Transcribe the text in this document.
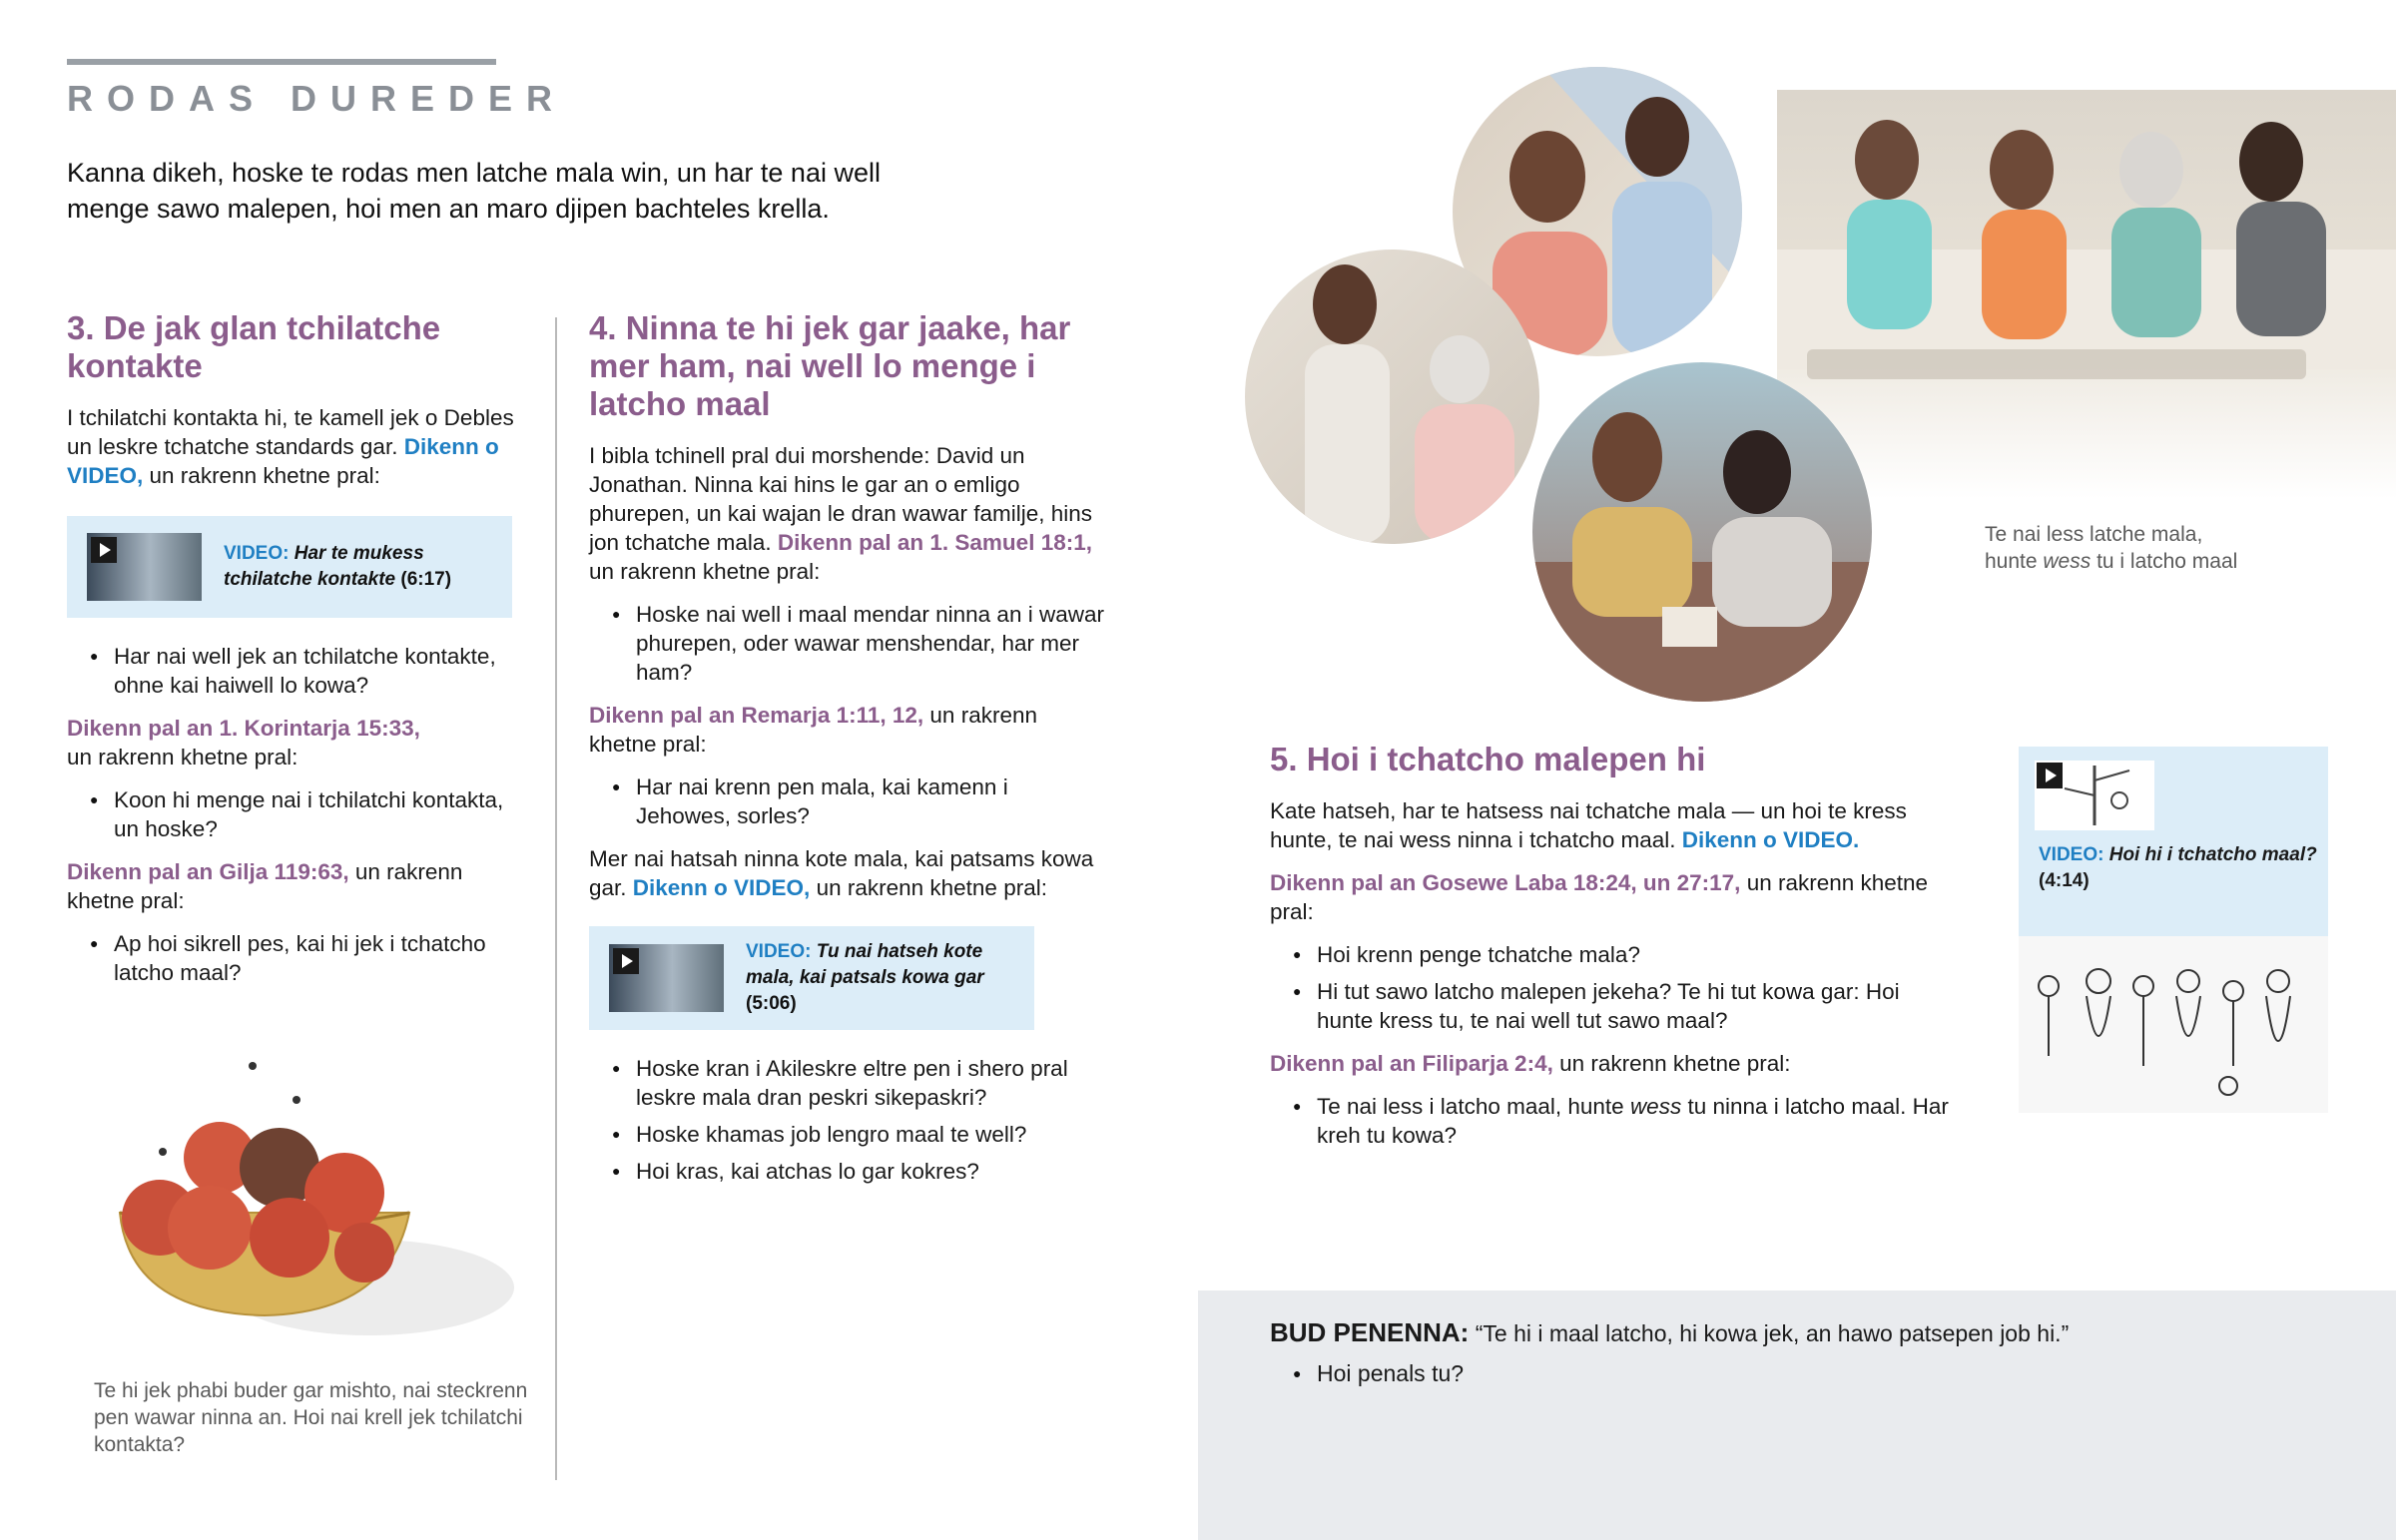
RODAS DUREDER
Kanna dikeh, hoske te rodas men latche mala win, un har te nai well menge sawo malepen, hoi men an maro djipen bachteles krella.
3. De jak glan tchilatche kontakte

I tchilatchi kontakta hi, te kamell jek o Debles un leskre tchatche standards gar. Dikenn o VIDEO, un rakrenn khetne pral:

VIDEO: Har te mukess tchilatche kontakte (6:17)
● Har nai well jek an tchilatche kontakte, ohne kai haiwell lo kowa?

Dikenn pal an 1. Korintarja 15:33,
un rakrenn khetne pral:

● Koon hi menge nai i tchilatchi kontakta, un hoske?

Dikenn pal an Gilja 119:63, un rakrenn khetne pral:

● Ap hoi sikrell pes, kai hi jek i tchatcho latcho maal?
Te hi jek phabi buder gar mishto, nai steckrenn pen wawar ninna an. Hoi nai krell jek tchilatchi kontakta?
4. Ninna te hi jek gar jaake, har mer ham, nai well lo menge i latcho maal

I bibla tchinell pral dui morshende: David un Jonathan. Ninna kai hins le gar an o emligo phurepen, un kai wajan le dran wawar familje, hins jon tchatche mala. Dikenn pal an 1. Samuel 18:1, un rakrenn khetne pral:

● Hoske nai well i maal mendar ninna an i wawar phurepen, oder wawar menshendar, har mer ham?

Dikenn pal an Remarja 1:11, 12, un rakrenn khetne pral:

● Har nai krenn pen mala, kai kamenn i Jehowes, sorles?

Mer nai hatsah ninna kote mala, kai patsams kowa gar. Dikenn o VIDEO, un rakrenn khetne pral:

VIDEO: Tu nai hatseh kote mala, kai patsals kowa gar (5:06)
● Hoske kran i Akileskre eltre pen i shero pral leskre mala dran peskri sikepaskri?
● Hoske khamas job lengro maal te well?
● Hoi kras, kai atchas lo gar kokres?
Te nai less latche mala,
hunte wess tu i latcho maal
5. Hoi i tchatcho malepen hi

Kate hatseh, har te hatsess nai tchatche mala — un hoi te kress hunte, te nai wess ninna i tchatcho maal. Dikenn o VIDEO.

Dikenn pal an Gosewe Laba 18:24, un 27:17, un rakrenn khetne pral:

● Hoi krenn penge tchatche mala?
● Hi tut sawo latcho malepen jekeha? Te hi tut kowa gar: Hoi hunte kress tu, te nai well tut sawo maal?

Dikenn pal an Filiparja 2:4, un rakrenn khetne pral:

● Te nai less i latcho maal, hunte wess tu ninna i latcho maal. Har kreh tu kowa?
VIDEO: Hoi hi i tchatcho maal? (4:14)
BUD PENENNA: “Te hi i maal latcho, hi kowa jek, an hawo patsepen job hi.”
● Hoi penals tu?
